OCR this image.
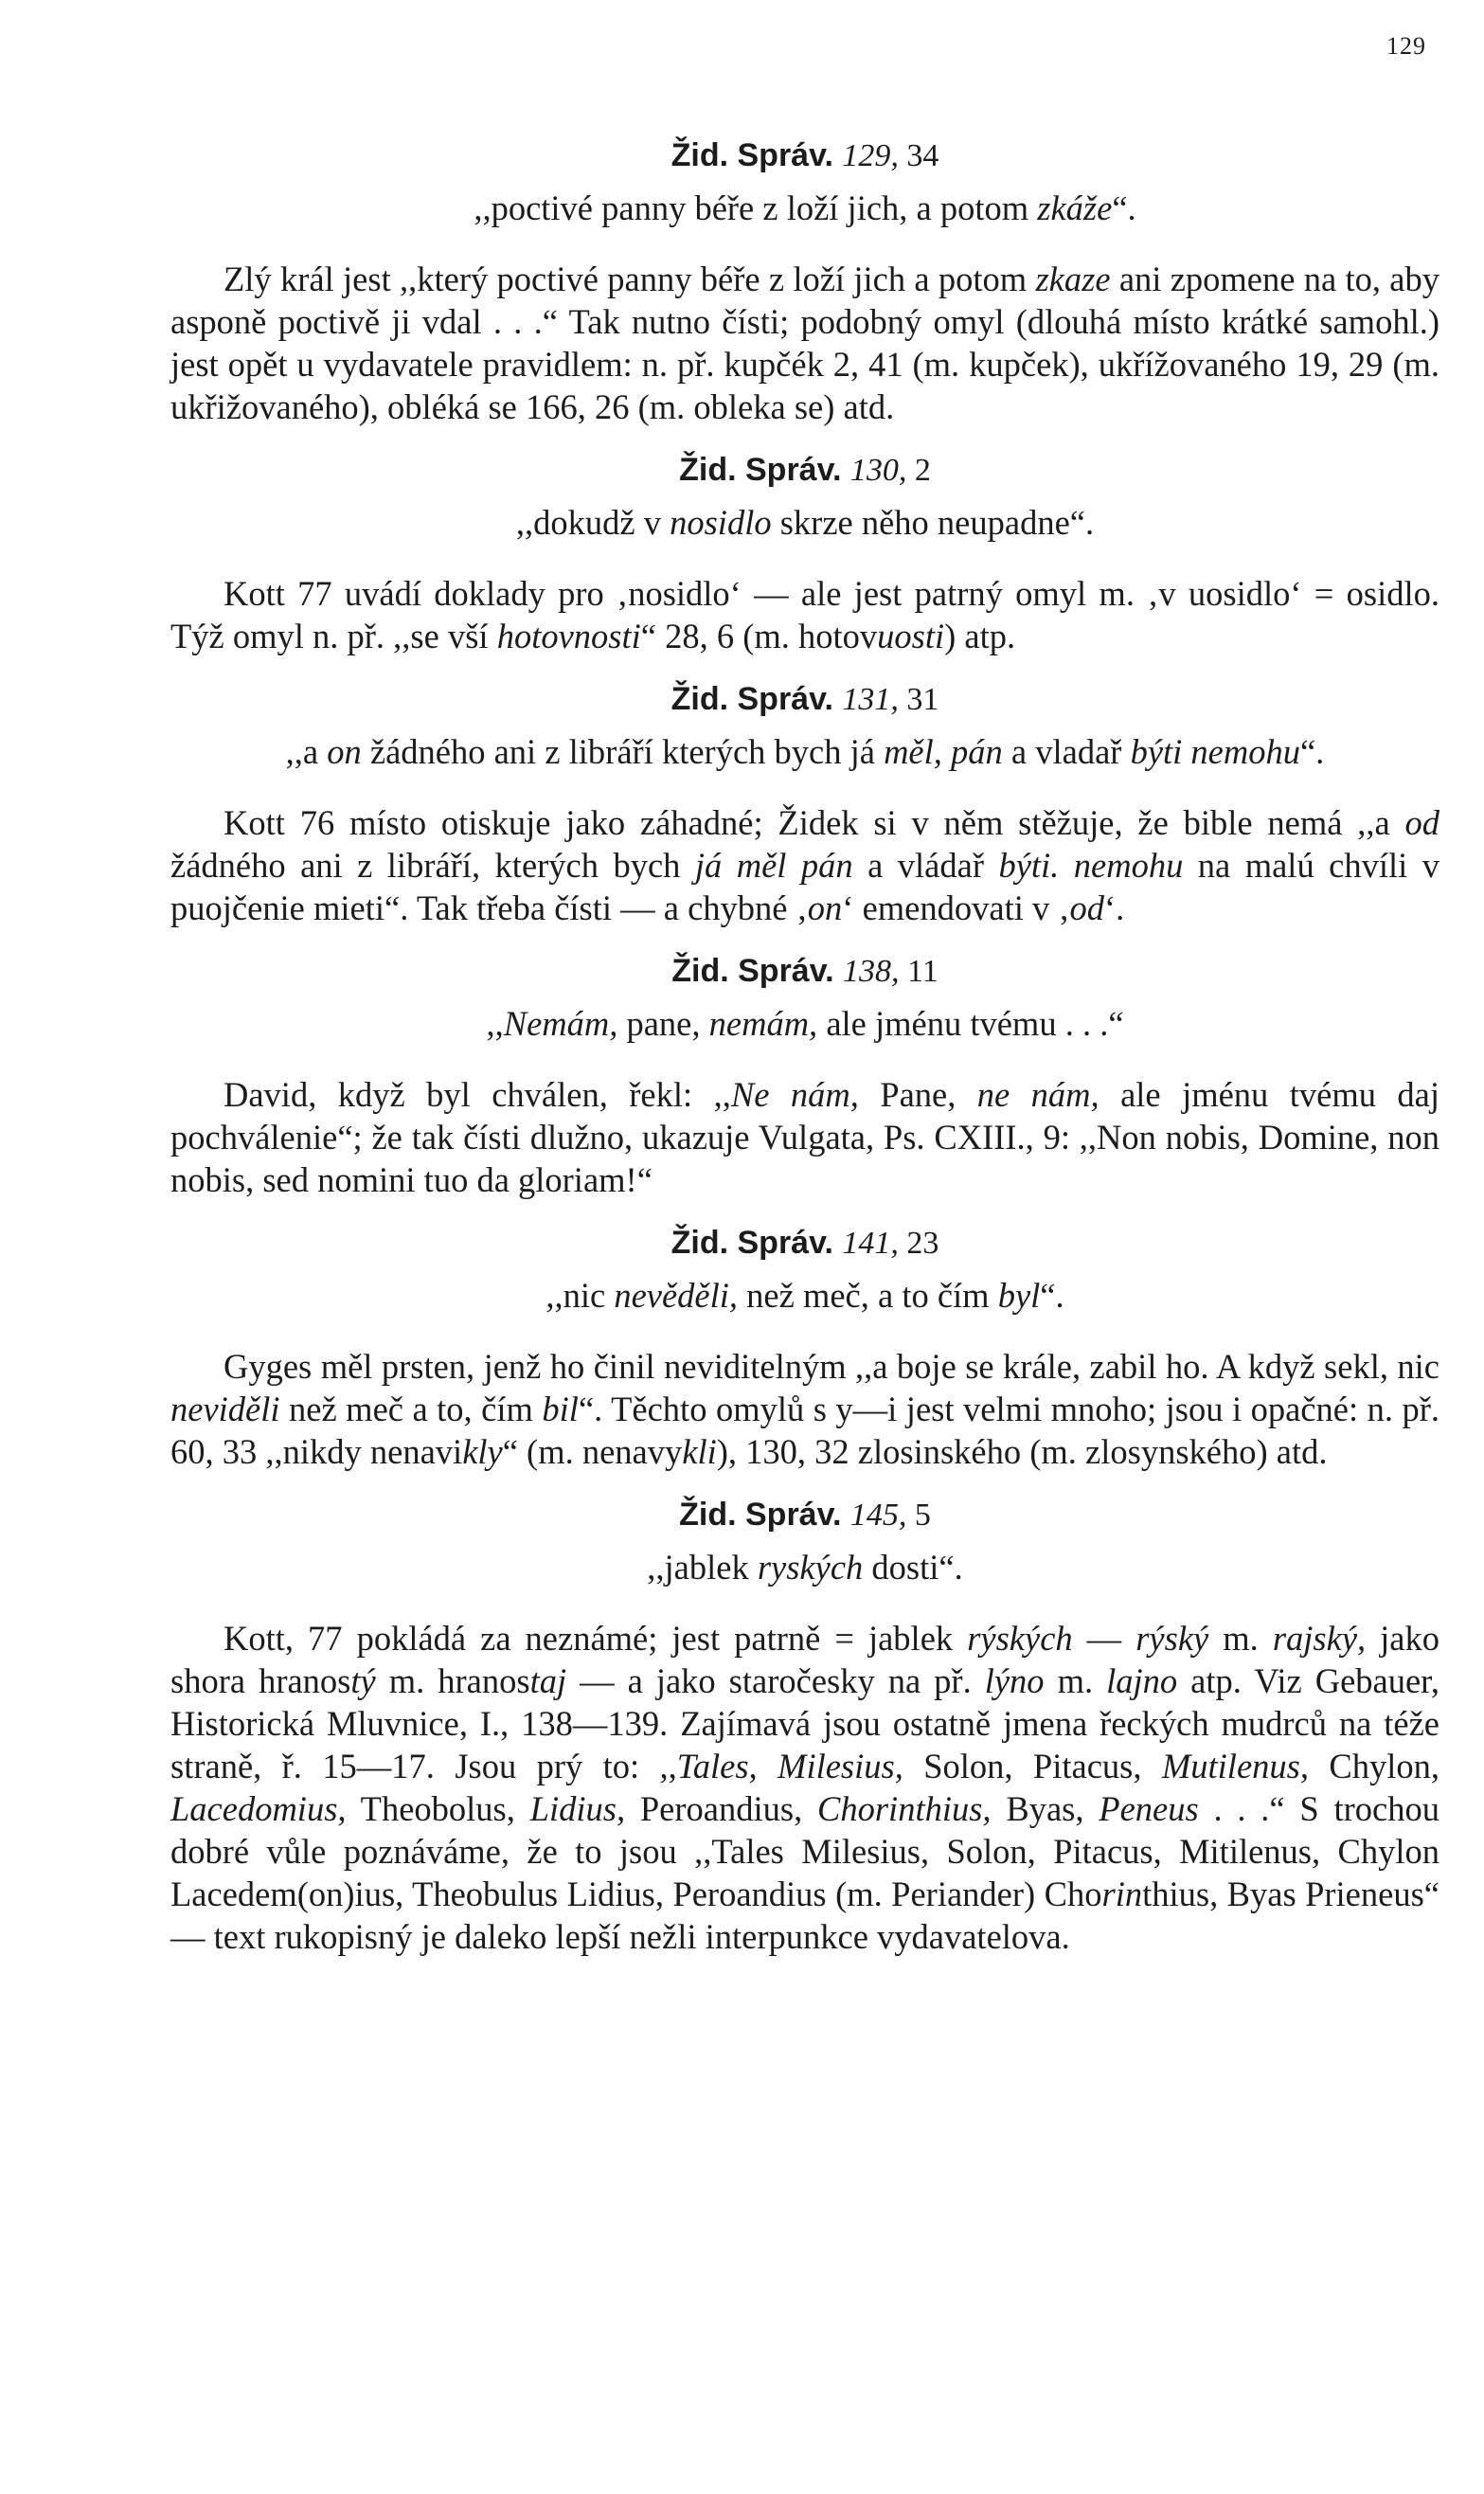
129
Žid. Správ. 129, 34
,,poctivé panny béře z loží jich, a potom zkáže“.

Zlý král jest ,,který poctivé panny béře z loží jich a potom zkaze ani zpomene na to, aby asponě poctivě ji vdal . . .“ Tak nutno čísti; podobný omyl (dlouhá místo krátké samohl.) jest opět u vydavatele pravidlem: n. př. kupčék 2, 41 (m. kupček), ukřížovaného 19, 29 (m. ukřižovaného), obléká se 166, 26 (m. obleka se) atd.

Žid. Správ. 130, 2
,,dokudž v nosidlo skrze něho neupadne“.

Kott 77 uvádí doklady pro ‚nosidlo‘ — ale jest patrný omyl m. ‚v uosidlo‘ = osidlo. Týž omyl n. př. ,,se vší hotovnosti“ 28, 6 (m. hotovuosti) atp.

Žid. Správ. 131, 31
,,a on žádného ani z libráří kterých bych já měl, pán a vladař býti nemohu“.

Kott 76 místo otiskuje jako záhadné; Židek si v něm stěžuje, že bible nemá ,,a od žádného ani z libráří, kterých bych já měl pán a vládař býti. nemohu na malú chvíli v puojčenie mieti“. Tak třeba čísti — a chybné ‚on‘ emendovati v ‚od‘.

Žid. Správ. 138, 11
,,Nemám, pane, nemám, ale jménu tvému . . .“

David, když byl chválen, řekl: ,,Ne nám, Pane, ne nám, ale jménu tvému daj pochválenie“; že tak čísti dlužno, ukazuje Vulgata, Ps. CXIII., 9: ,,Non nobis, Domine, non nobis, sed nomini tuo da gloriam!“

Žid. Správ. 141, 23
,,nic nevěděli, než meč, a to čím byl“.

Gyges měl prsten, jenž ho činil neviditelným ,,a boje se krále, zabil ho. A když sekl, nic neviděli než meč a to, čím bil“. Těchto omylů s y—i jest velmi mnoho; jsou i opačné: n. př. 60, 33 ,,nikdy nenavikly“ (m. nenavykli), 130, 32 zlosinského (m. zlosynského) atd.

Žid. Správ. 145, 5
,,jablek ryských dosti“.

Kott, 77 pokládá za neznámé; jest patrně = jablek rýských — rýský m. rajský, jako shora hranostý m. hranostaj — a jako staročesky na př. lýno m. lajno atp. Viz Gebauer, Historická Mluvnice, I., 138—139. Zajímavá jsou ostatně jmena řeckých mudrců na téže straně, ř. 15—17. Jsou prý to: ,,Tales, Milesius, Solon, Pitacus, Mutilenus, Chylon, Lacedomius, Theobolus, Lidius, Peroandius, Chorinthius, Byas, Peneus . . .“ S trochou dobré vůle poznáváme, že to jsou ,,Tales Milesius, Solon, Pitacus, Mitilenus, Chylon Lacedem(on)ius, Theobulus Lidius, Peroandius (m. Periander) Chorinthius, Byas Prieneus“ — text rukopisný je daleko lepší nežli interpunkce vydavatelova.
